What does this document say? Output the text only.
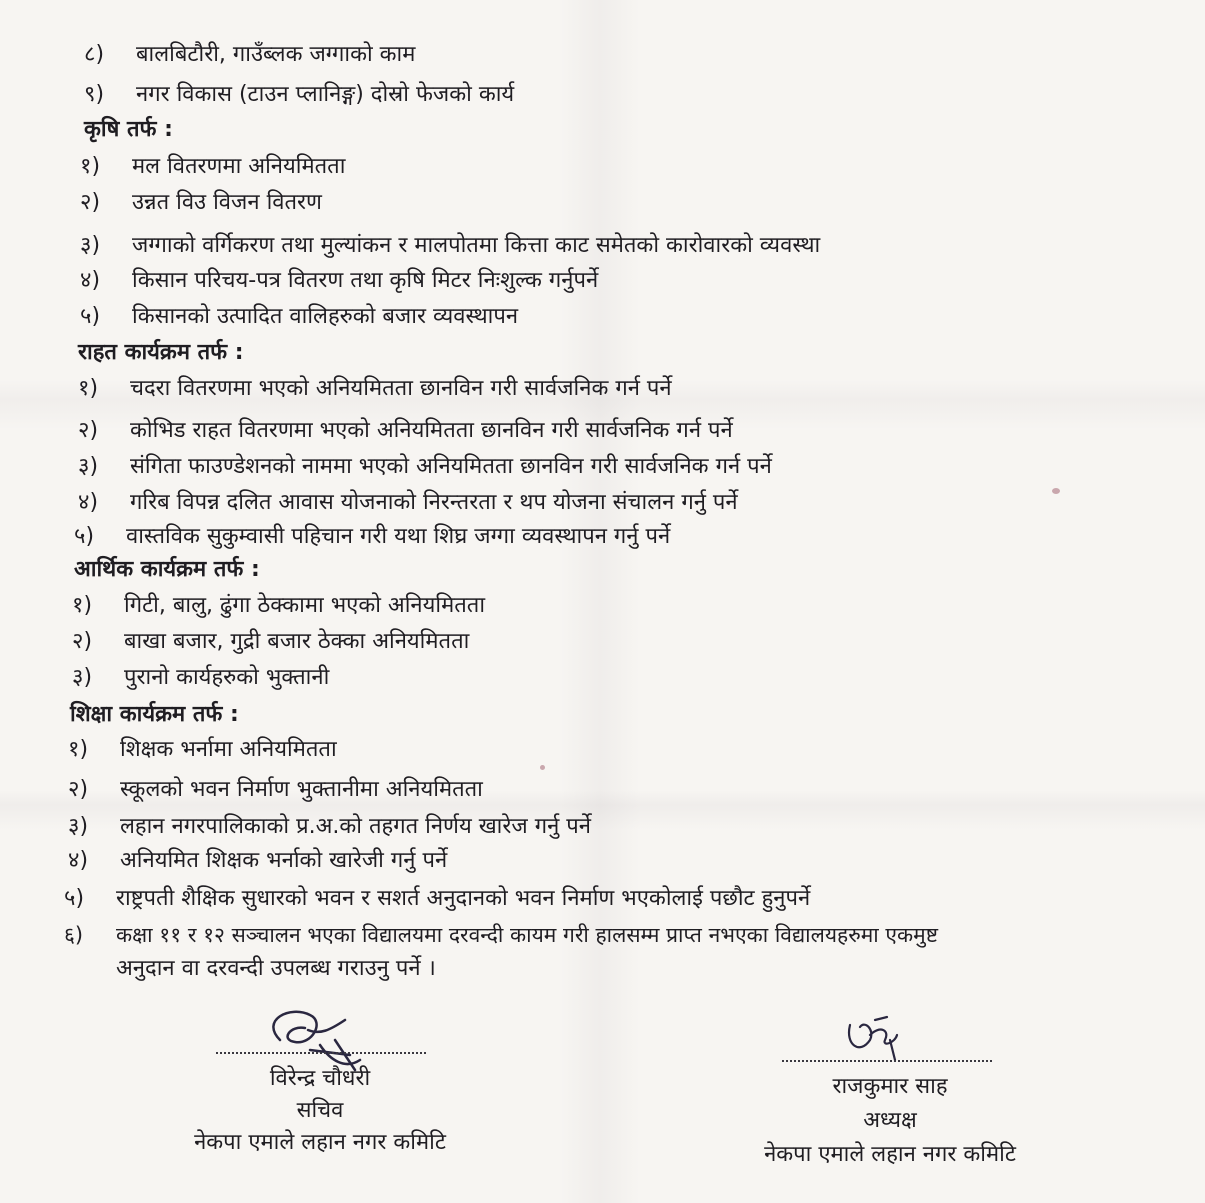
८) बालबिटौरी, गाउँब्लक जग्गाको काम
९) नगर विकास (टाउन प्लानिङ्ग) दोस्रो फेजको कार्य
कृषि तर्फ :
१) मल वितरणमा अनियमितता
२) उन्नत विउ विजन वितरण
३) जग्गाको वर्गिकरण तथा मुल्यांकन र मालपोतमा कित्ता काट समेतको कारोवारको व्यवस्था
४) किसान परिचय-पत्र वितरण तथा कृषि मिटर निःशुल्क गर्नुपर्ने
५) किसानको उत्पादित वालिहरुको बजार व्यवस्थापन
राहत कार्यक्रम तर्फ :
१) चदरा वितरणमा भएको अनियमितता छानविन गरी सार्वजनिक गर्न पर्ने
२) कोभिड राहत वितरणमा भएको अनियमितता छानविन गरी सार्वजनिक गर्न पर्ने
३) संगिता फाउण्डेशनको नाममा भएको अनियमितता छानविन गरी सार्वजनिक गर्न पर्ने
४) गरिब विपन्न दलित आवास योजनाको निरन्तरता र थप योजना संचालन गर्नु पर्ने
५) वास्तविक सुकुम्वासी पहिचान गरी यथा शिघ्र जग्गा व्यवस्थापन गर्नु पर्ने
आर्थिक कार्यक्रम तर्फ :
१) गिटी, बालु, ढुंगा ठेक्कामा भएको अनियमितता
२) बाखा बजार, गुद्री बजार ठेक्का अनियमितता
३) पुरानो कार्यहरुको भुक्तानी
शिक्षा कार्यक्रम तर्फ :
१) शिक्षक भर्नामा अनियमितता
२) स्कूलको भवन निर्माण भुक्तानीमा अनियमितता
३) लहान नगरपालिकाको प्र.अ.को तहगत निर्णय खारेज गर्नु पर्ने
४) अनियमित शिक्षक भर्नाको खारेजी गर्नु पर्ने
५) राष्ट्रपती शैक्षिक सुधारको भवन र सशर्त अनुदानको भवन निर्माण भएकोलाई पछौट हुनुपर्ने
६) कक्षा ११ र १२ सञ्चालन भएका विद्यालयमा दरवन्दी कायम गरी हालसम्म प्राप्त नभएका विद्यालयहरुमा एकमुष्ट
अनुदान वा दरवन्दी उपलब्ध गराउनु पर्ने ।
विरेन्द्र चौधरी
सचिव
नेकपा एमाले लहान नगर कमिटि
राजकुमार साह
अध्यक्ष
नेकपा एमाले लहान नगर कमिटि
